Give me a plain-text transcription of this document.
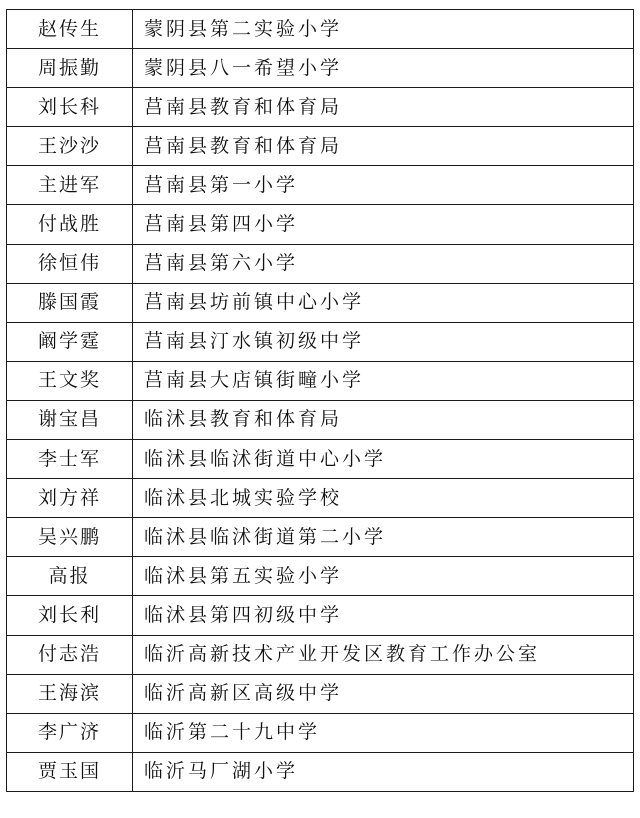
赵传生	蒙阴县第二实验小学
周振勤	蒙阴县八一希望小学
刘长科	莒南县教育和体育局
王沙沙	莒南县教育和体育局
主进军	莒南县第一小学
付战胜	莒南县第四小学
徐恒伟	莒南县第六小学
滕国霞	莒南县坊前镇中心小学
阚学霆	莒南县汀水镇初级中学
王文奖	莒南县大店镇街疃小学
谢宝昌	临沭县教育和体育局
李士军	临沭县临沭街道中心小学
刘方祥	临沭县北城实验学校
吴兴鹏	临沭县临沭街道第二小学
高报	临沭县第五实验小学
刘长利	临沭县第四初级中学
付志浩	临沂高新技术产业开发区教育工作办公室
王海滨	临沂高新区高级中学
李广济	临沂第二十九中学
贾玉国	临沂马厂湖小学
